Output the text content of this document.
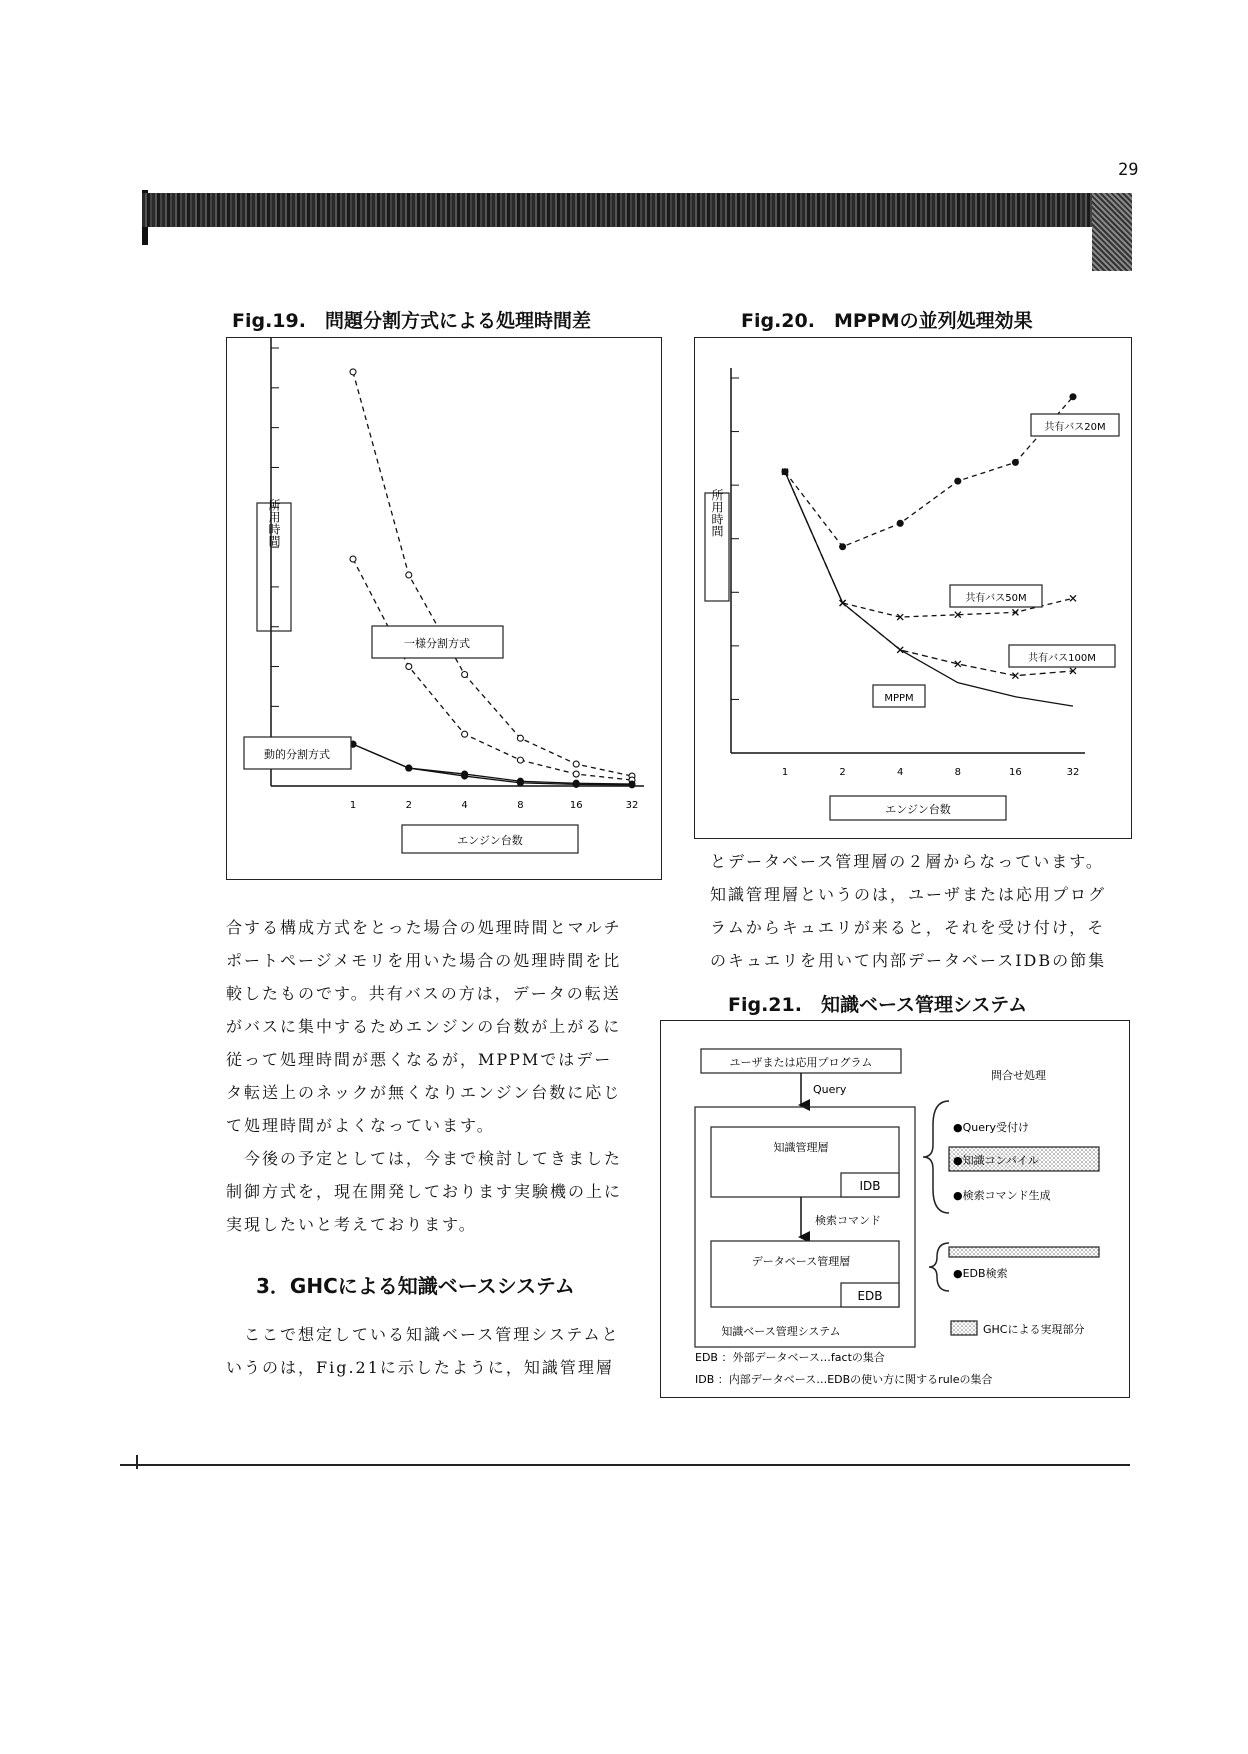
29
Fig.19.　問題分割方式による処理時間差
1	2	4	8	16	32
所用時間
一様分割方式
動的分割方式
エンジン台数
Fig.20.　MPPMの並列処理効果
1	2	4	8	16	32
所用時間
共有バス20M
共有バス50M
共有バス100M
MPPM
エンジン台数
とデータベース管理層の２層からなっています。
知識管理層というのは，ユーザまたは応用プログ
ラムからキュエリが来ると，それを受け付け，そ
のキュエリを用いて内部データベースIDBの節集
Fig.21.　知識ベース管理システム
ユーザまたは応用プログラム
Query
問合せ処理
知識管理層
IDB
検索コマンド
データベース管理層
EDB
知識ベース管理システム
●Query受付け
●知識コンパイル
●検索コマンド生成
●EDB検索
GHCによる実現部分
EDB ：外部データベース…factの集合
IDB ：内部データベース…EDBの使い方に関するruleの集合
合する構成方式をとった場合の処理時間とマルチ
ポートページメモリを用いた場合の処理時間を比
較したものです。共有バスの方は，データの転送
がバスに集中するためエンジンの台数が上がるに
従って処理時間が悪くなるが，MPPMではデー
タ転送上のネックが無くなりエンジン台数に応じ
て処理時間がよくなっています。
　今後の予定としては，今まで検討してきました
制御方式を，現在開発しております実験機の上に
実現したいと考えております。
3．GHCによる知識ベースシステム
　ここで想定している知識ベース管理システムと
いうのは，Fig.21に示したように，知識管理層
